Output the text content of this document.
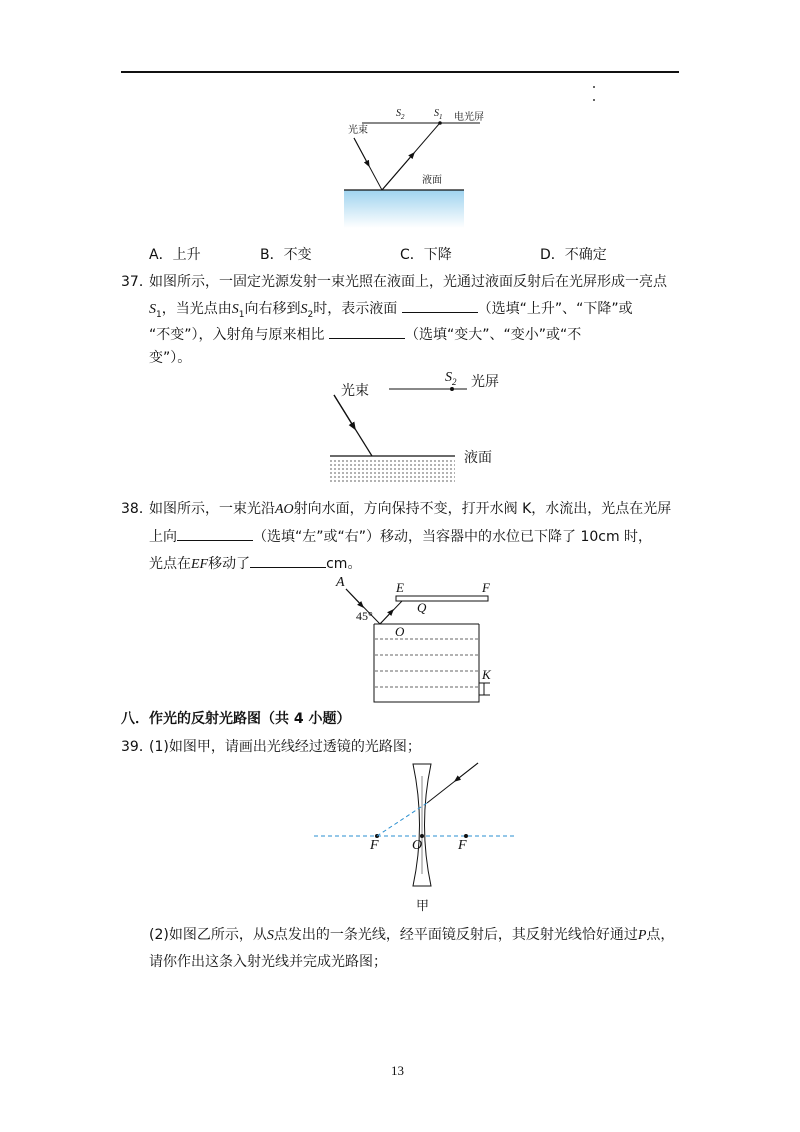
光束
$S_2$	$S_1$ 电光屏
液面
A．上升	B．不变	C．下降	D．不确定
37．
如图所示，一固定光源发射一束光照在液面上，光通过液面反射后在光屏形成一亮点
$S_1$，当光点由$S_1$向右移到$S_2$时，表示液面	（选填“上升”、“下降”或
“不变”），入射角与原来相比	（选填“变大”、“变小”或“不
变”）。
光束
$S_2$ 光屏
液面
38．
如图所示，一束光沿AO射向水面，方向保持不变，打开水阀 K，水流出，光点在光屏
上向	（选填“左”或“右”）移动，当容器中的水位已下降了 10cm 时，
光点在EF移动了	cm。
A	E	F
Q
45°
O
K
八．作光的反射光路图（共 4 小题）
39．
(1)如图甲，请画出光线经过透镜的光路图；
F O	F
甲
(2)如图乙所示，从S点发出的一条光线，经平面镜反射后，其反射光线恰好通过P点，
请你作出这条入射光线并完成光路图；
13
